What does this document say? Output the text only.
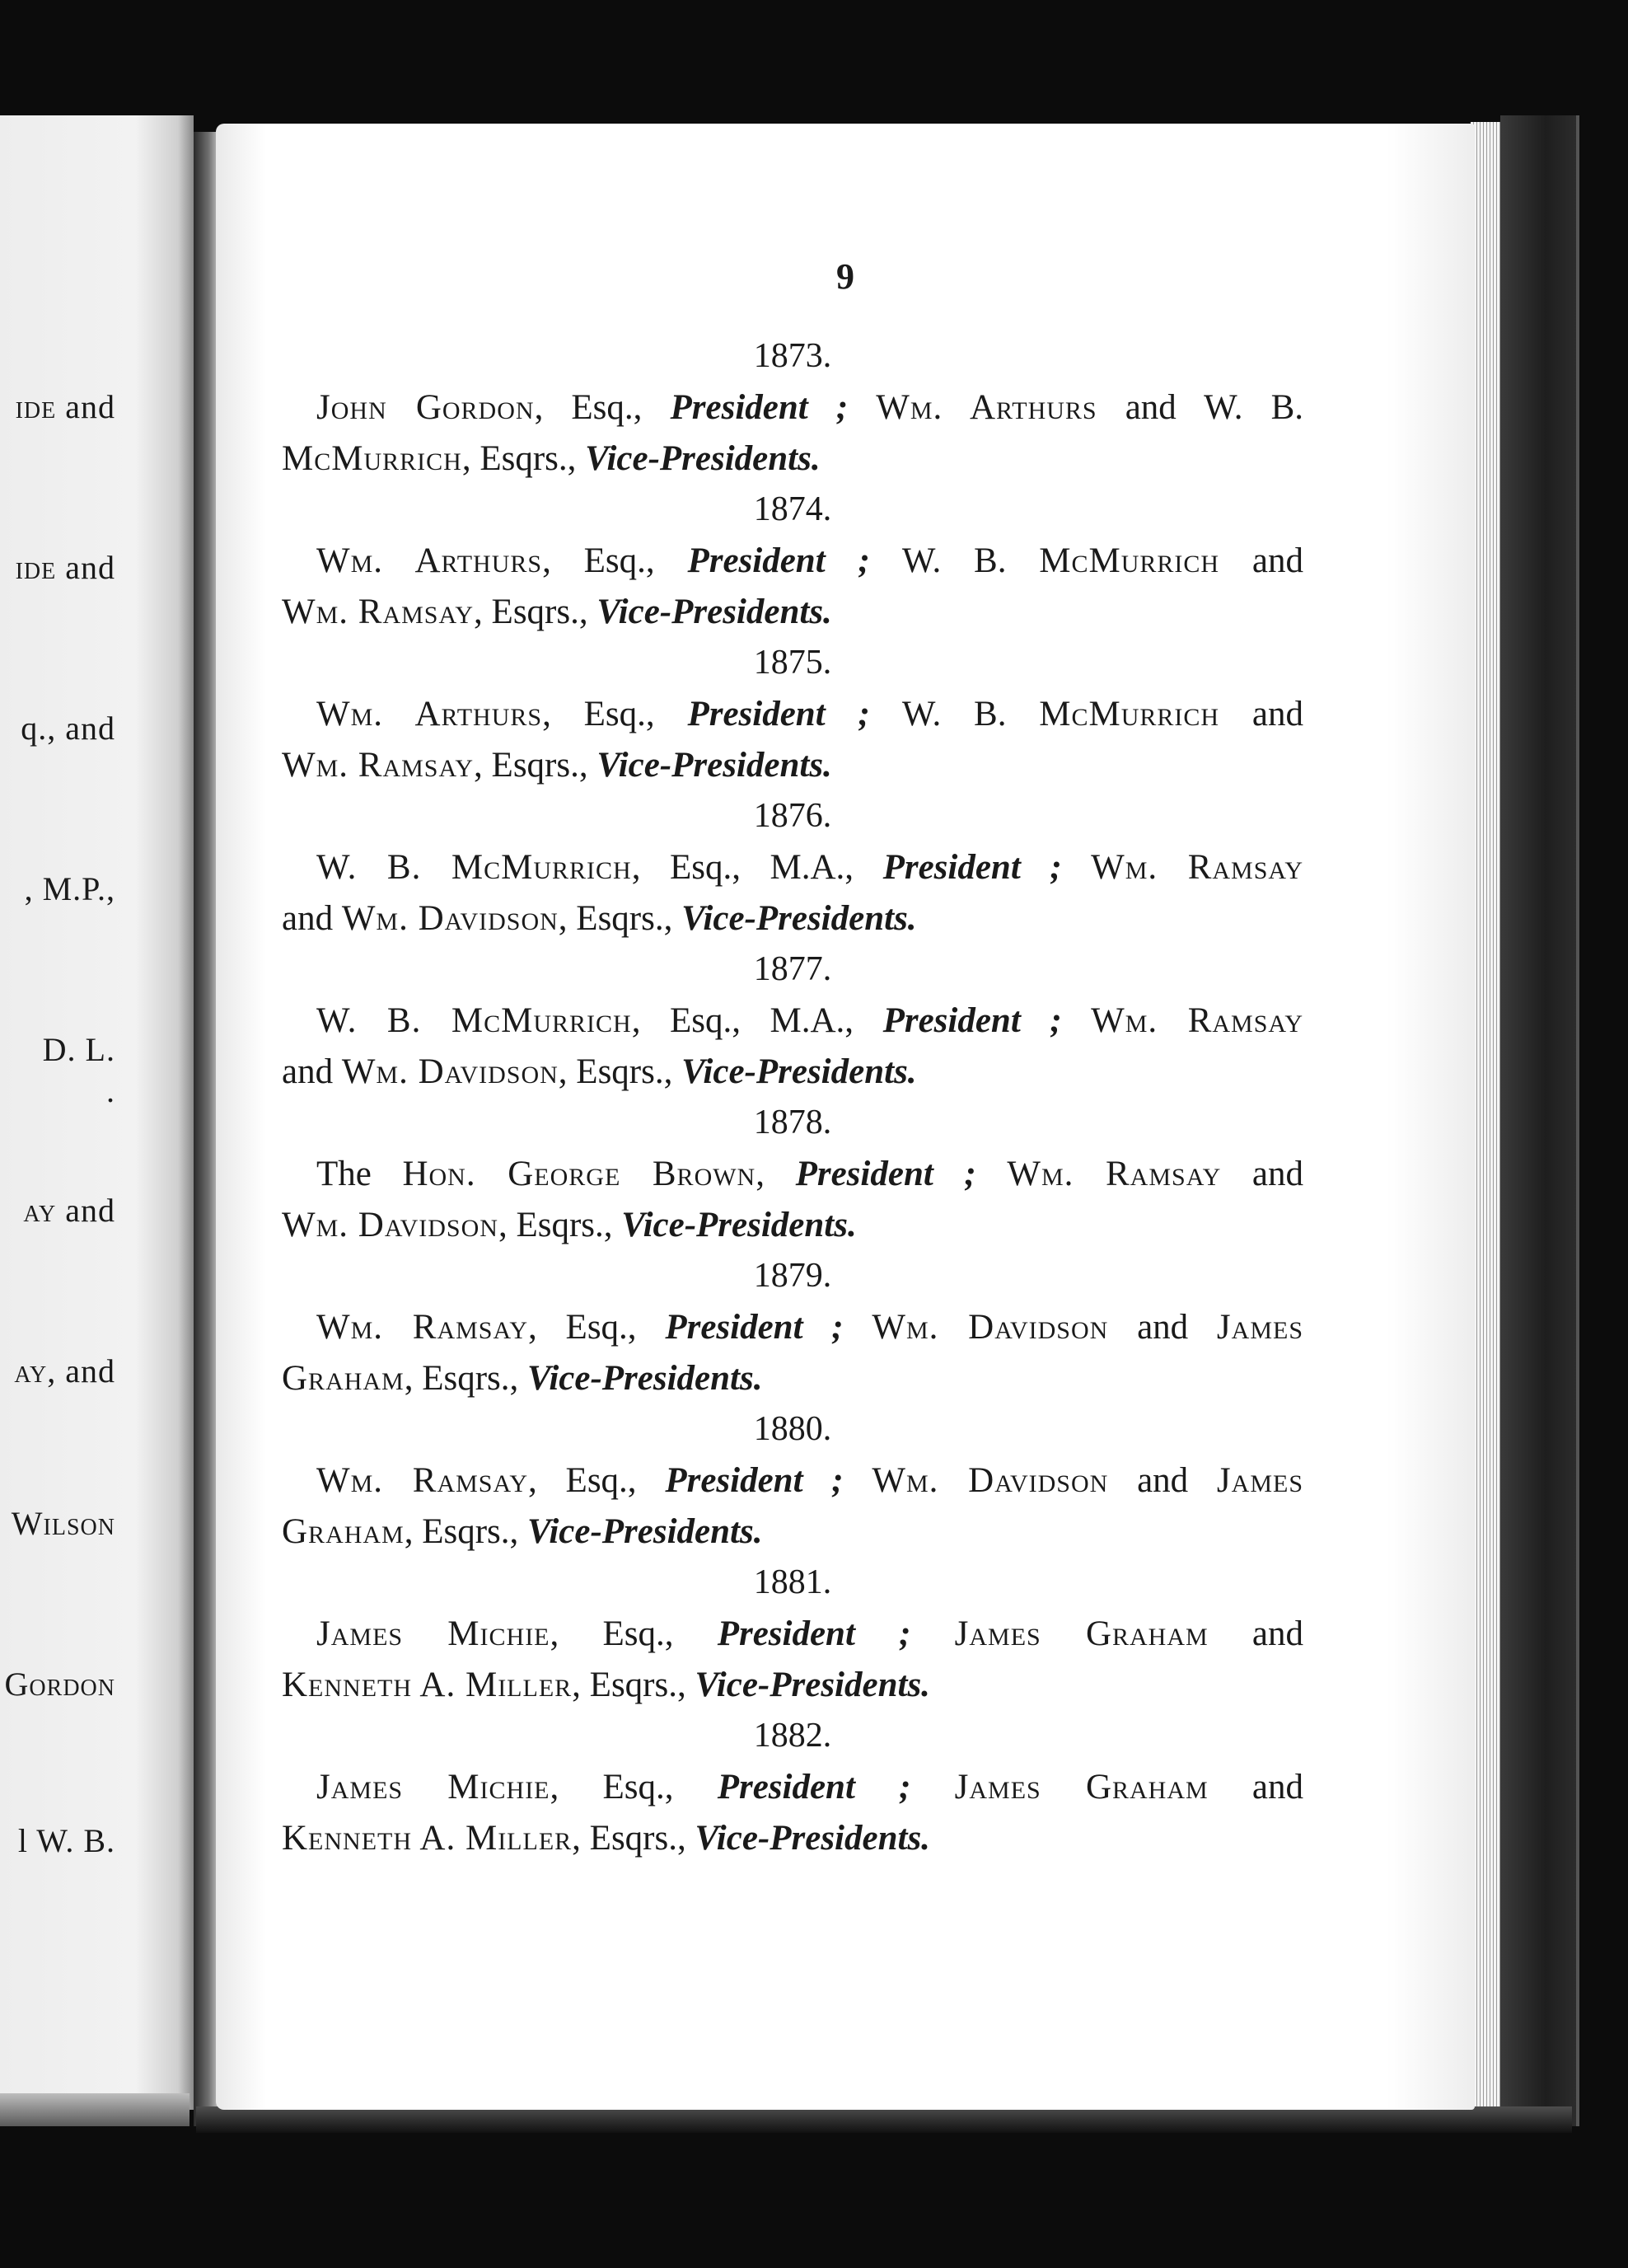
ide and
ide and
q., and
, M.P.,
D. L.
.
ay and
ay, and
Wilson
Gordon
l W. B.
9
1873.
John Gordon, Esq., President ; Wm. Arthurs and W. B.
McMurrich, Esqrs., Vice-Presidents.
1874.
Wm. Arthurs, Esq., President ; W. B. McMurrich and
Wm. Ramsay, Esqrs., Vice-Presidents.
1875.
Wm. Arthurs, Esq., President ; W. B. McMurrich and
Wm. Ramsay, Esqrs., Vice-Presidents.
1876.
W. B. McMurrich, Esq., M.A., President ; Wm. Ramsay
and Wm. Davidson, Esqrs., Vice-Presidents.
1877.
W. B. McMurrich, Esq., M.A., President ; Wm. Ramsay
and Wm. Davidson, Esqrs., Vice-Presidents.
1878.
The Hon. George Brown, President ; Wm. Ramsay and
Wm. Davidson, Esqrs., Vice-Presidents.
1879.
Wm. Ramsay, Esq., President ; Wm. Davidson and James
Graham, Esqrs., Vice-Presidents.
1880.
Wm. Ramsay, Esq., President ; Wm. Davidson and James
Graham, Esqrs., Vice-Presidents.
1881.
James Michie, Esq., President ; James Graham and
Kenneth A. Miller, Esqrs., Vice-Presidents.
1882.
James Michie, Esq., President ; James Graham and
Kenneth A. Miller, Esqrs., Vice-Presidents.
